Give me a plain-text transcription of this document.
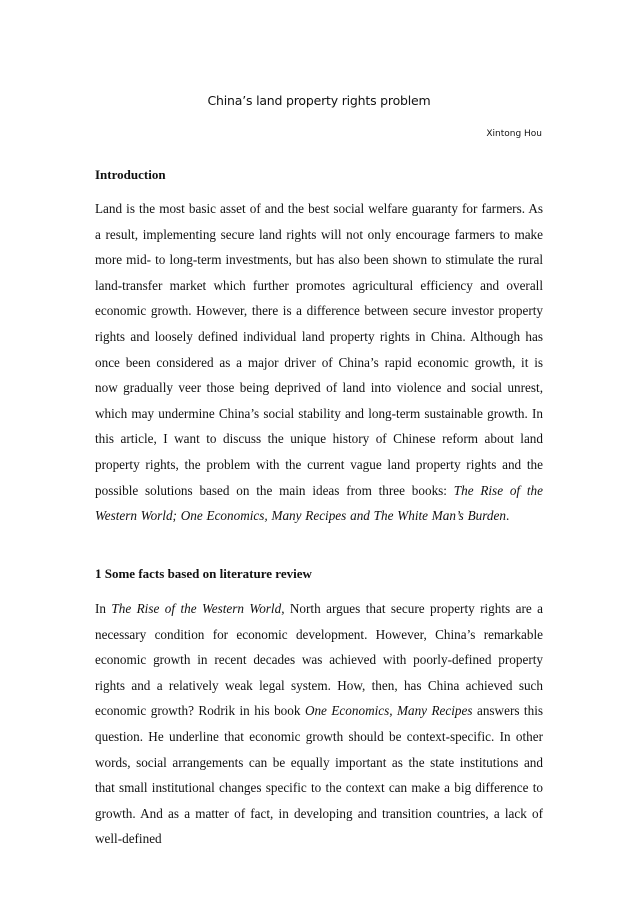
China’s land property rights problem

Xintong Hou

Introduction

Land is the most basic asset of and the best social welfare guaranty for farmers. As a result, implementing secure land rights will not only encourage farmers to make more mid- to long-term investments, but has also been shown to stimulate the rural land-transfer market which further promotes agricultural efficiency and overall economic growth. However, there is a difference between secure investor property rights and loosely defined individual land property rights in China. Although has once been considered as a major driver of China’s rapid economic growth, it is now gradually veer those being deprived of land into violence and social unrest, which may undermine China’s social stability and long-term sustainable growth. In this article, I want to discuss the unique history of Chinese reform about land property rights, the problem with the current vague land property rights and the possible solutions based on the main ideas from three books: The Rise of the Western World; One Economics, Many Recipes and The White Man’s Burden.

1 Some facts based on literature review

In The Rise of the Western World, North argues that secure property rights are a necessary condition for economic development. However, China’s remarkable economic growth in recent decades was achieved with poorly-defined property rights and a relatively weak legal system. How, then, has China achieved such economic growth? Rodrik in his book One Economics, Many Recipes answers this question. He underline that economic growth should be context-specific. In other words, social arrangements can be equally important as the state institutions and that small institutional changes specific to the context can make a big difference to growth. And as a matter of fact, in developing and transition countries, a lack of well-defined
